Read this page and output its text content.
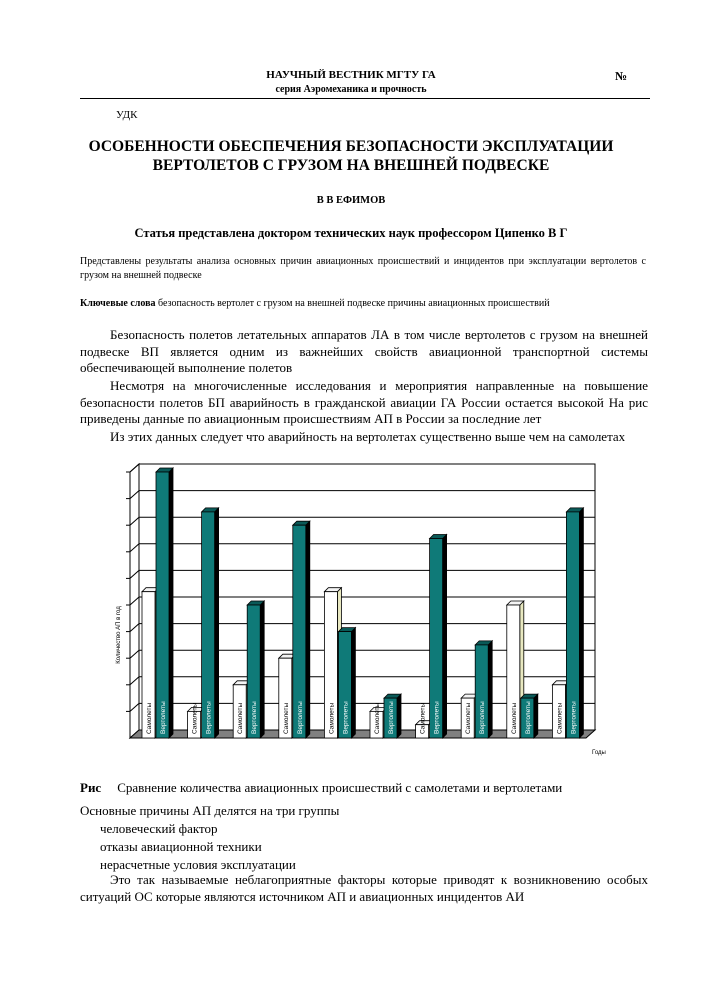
НАУЧНЫЙ ВЕСТНИК МГТУ ГА
серия Аэромеханика и прочность
№
УДК
ОСОБЕННОСТИ ОБЕСПЕЧЕНИЯ БЕЗОПАСНОСТИ ЭКСПЛУАТАЦИИ ВЕРТОЛЕТОВ С ГРУЗОМ НА ВНЕШНЕЙ ПОДВЕСКЕ
В В ЕФИМОВ
Статья представлена доктором технических наук профессором Ципенко В Г
Представлены результаты анализа основных причин авиационных происшествий и инцидентов при эксплуатации вертолетов с грузом на внешней подвеске
Ключевые слова безопасность вертолет с грузом на внешней подвеске причины авиационных происшествий
Безопасность полетов летательных аппаратов ЛА в том числе вертолетов с грузом на внешней подвеске ВП является одним из важнейших свойств авиационной транспортной системы обеспечивающей выполнение полетов
Несмотря на многочисленные исследования и мероприятия направленные на повышение безопасности полетов БП аварийность в гражданской авиации ГА России остается высокой На рис приведены данные по авиационным происшествиям АП в России за последние лет
Из этих данных следует что аварийность на вертолетах существенно выше чем на самолетах
Самолеты Вертолеты	Самолеты Вертолеты	Самолеты Вертолеты	Самолеты Вертолеты	Самолеты Вертолеты	Самолеты Вертолеты	Самолеты Вертолеты	Самолеты Вертолеты	Самолеты Вертолеты	Самолеты Вертолеты
Количество АП в год
Годы
Рис Сравнение количества авиационных происшествий с самолетами и вертолетами
Основные причины АП делятся на три группы
человеческий фактор
отказы авиационной техники
нерасчетные условия эксплуатации
Это так называемые неблагоприятные факторы которые приводят к возникновению особых ситуаций ОС которые являются источником АП и авиационных инцидентов АИ
